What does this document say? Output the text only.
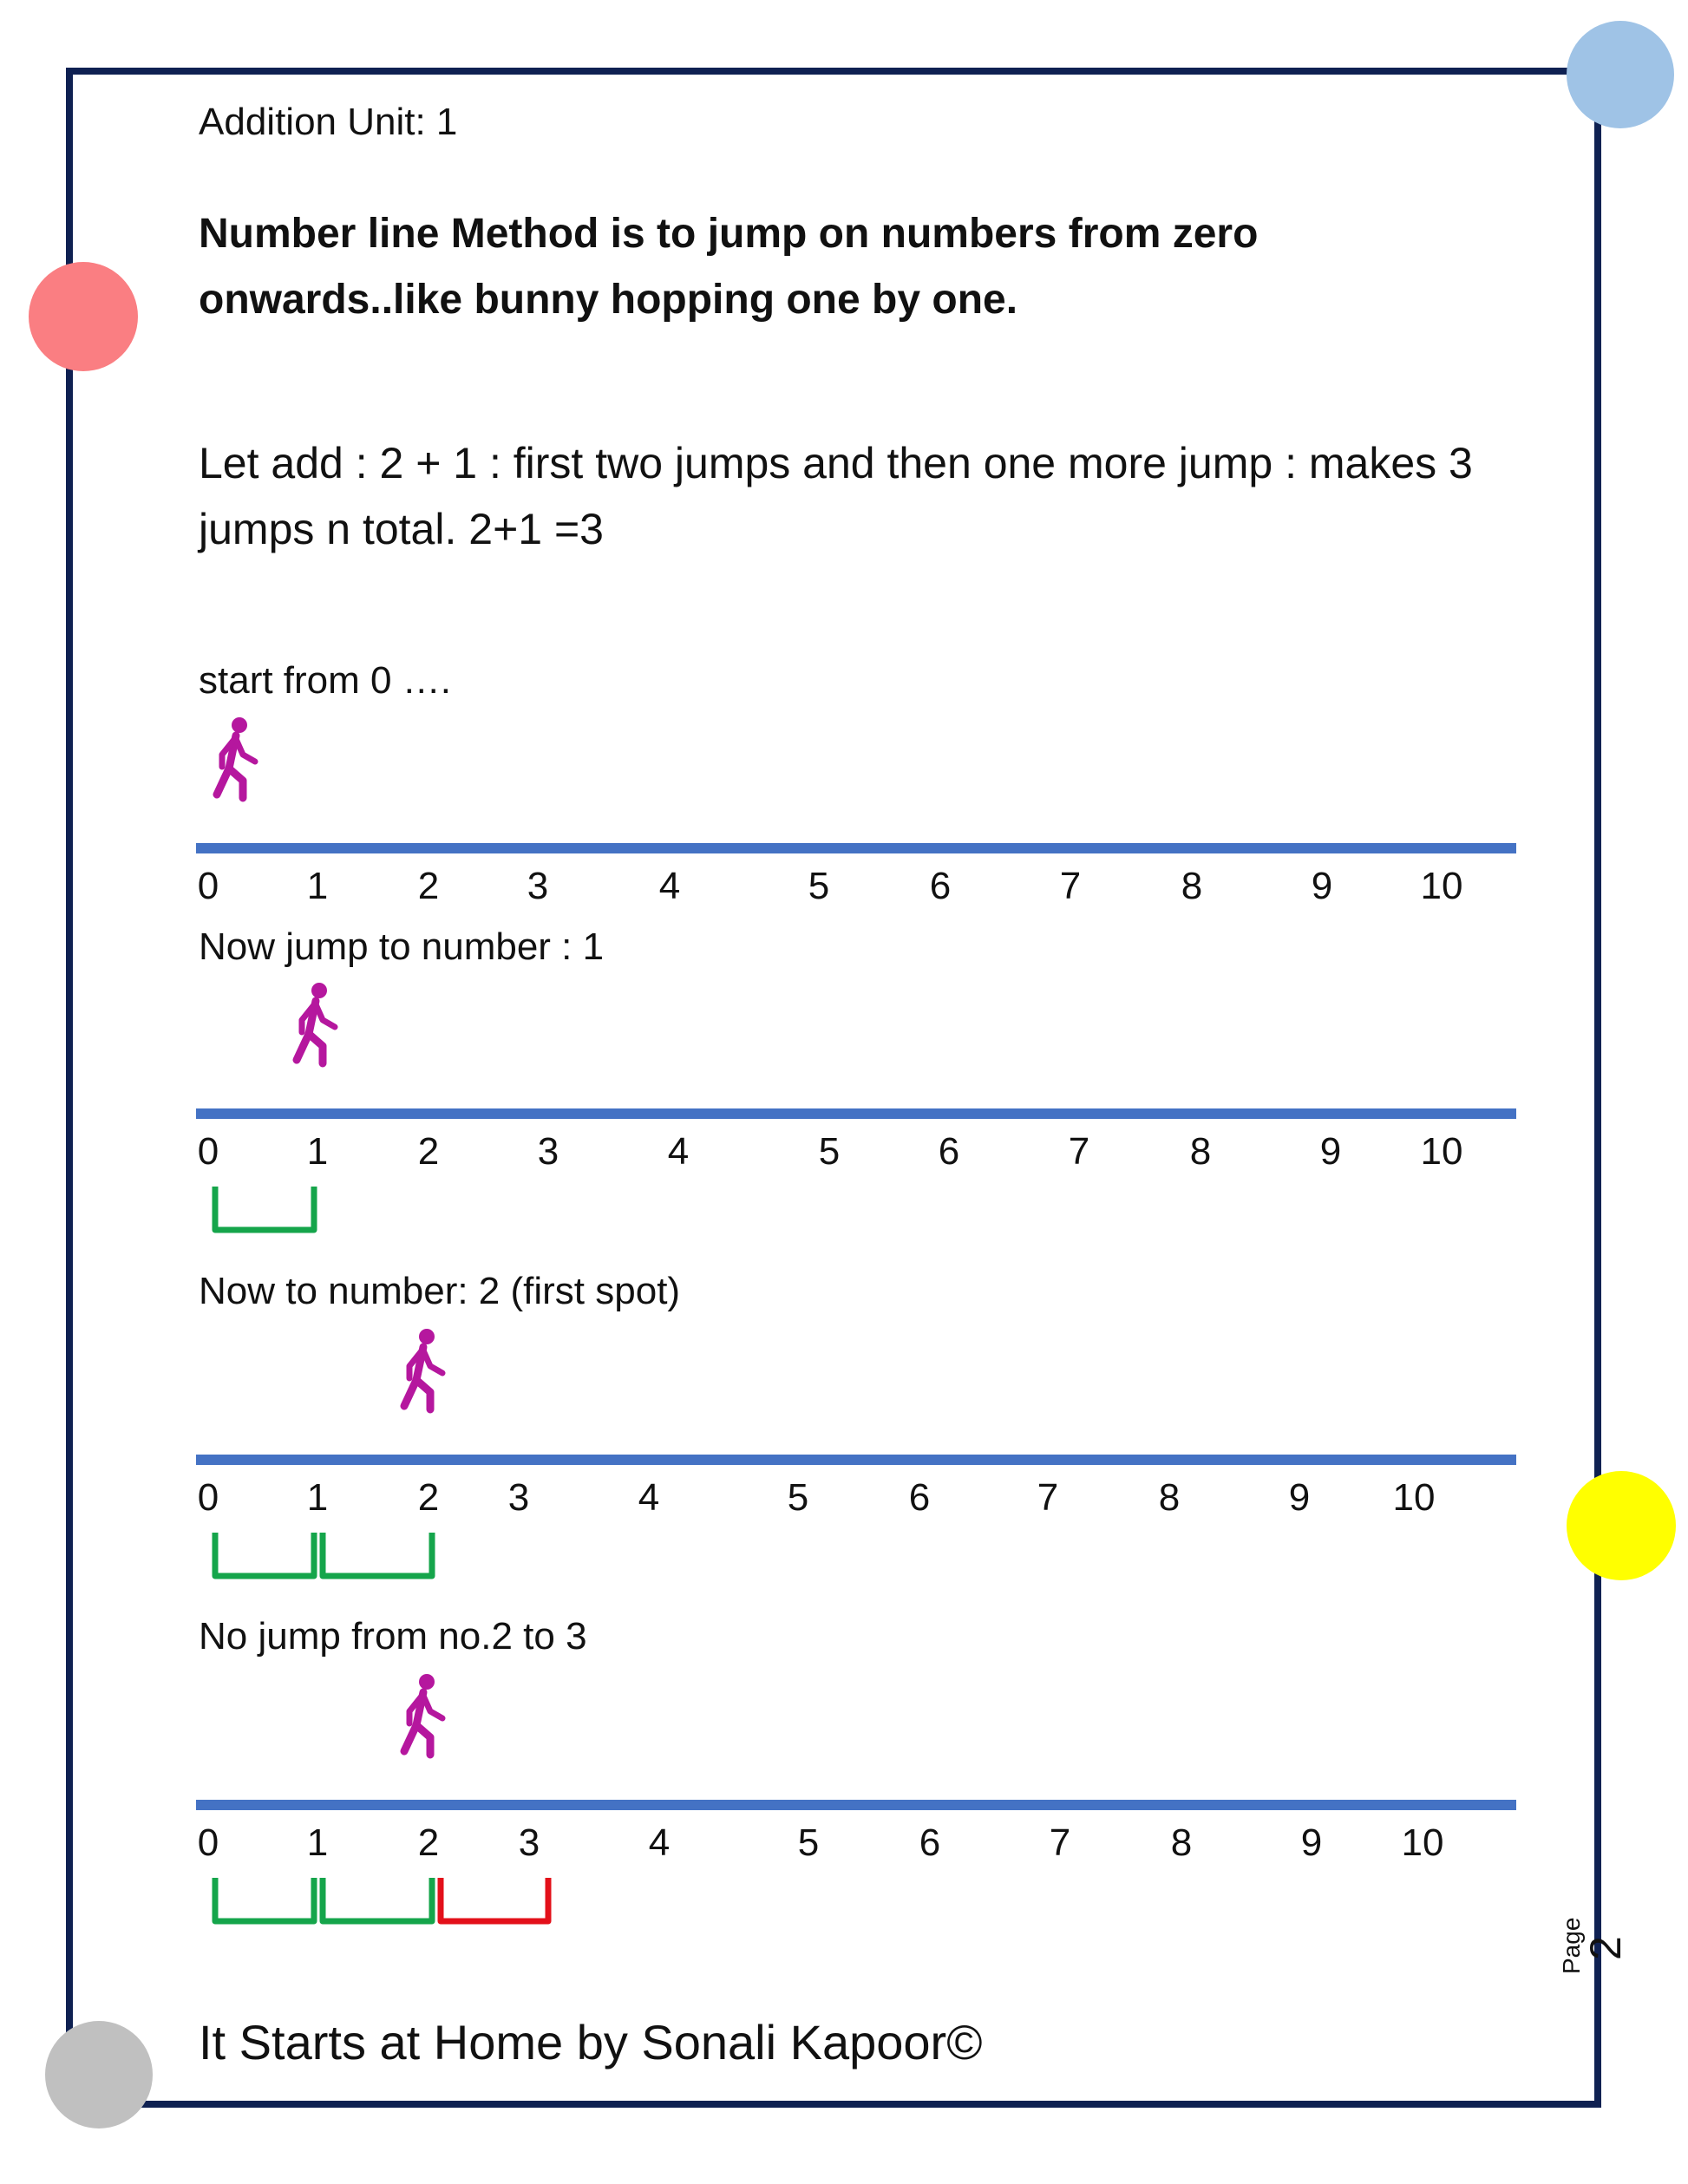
Addition Unit: 1
Number line Method is to jump on numbers from zero onwards..like bunny hopping one by one.
Let add : 2 + 1 : first two jumps and then one more jump : makes 3 jumps n total. 2+1 =3
start from 0 ….
Now jump to number : 1
Now to number: 2 (first spot)
No jump from no.2 to 3
0 1 2 3	4	5	6	7	8	9 10
0 1 2	3	4	5	6	7	8	9 10
0 1 2 3	4	5	6	7	8	9 10
0 1 2 3	4	5	6	7	8	9 10
It Starts at Home by Sonali Kapoor©
Page
2
